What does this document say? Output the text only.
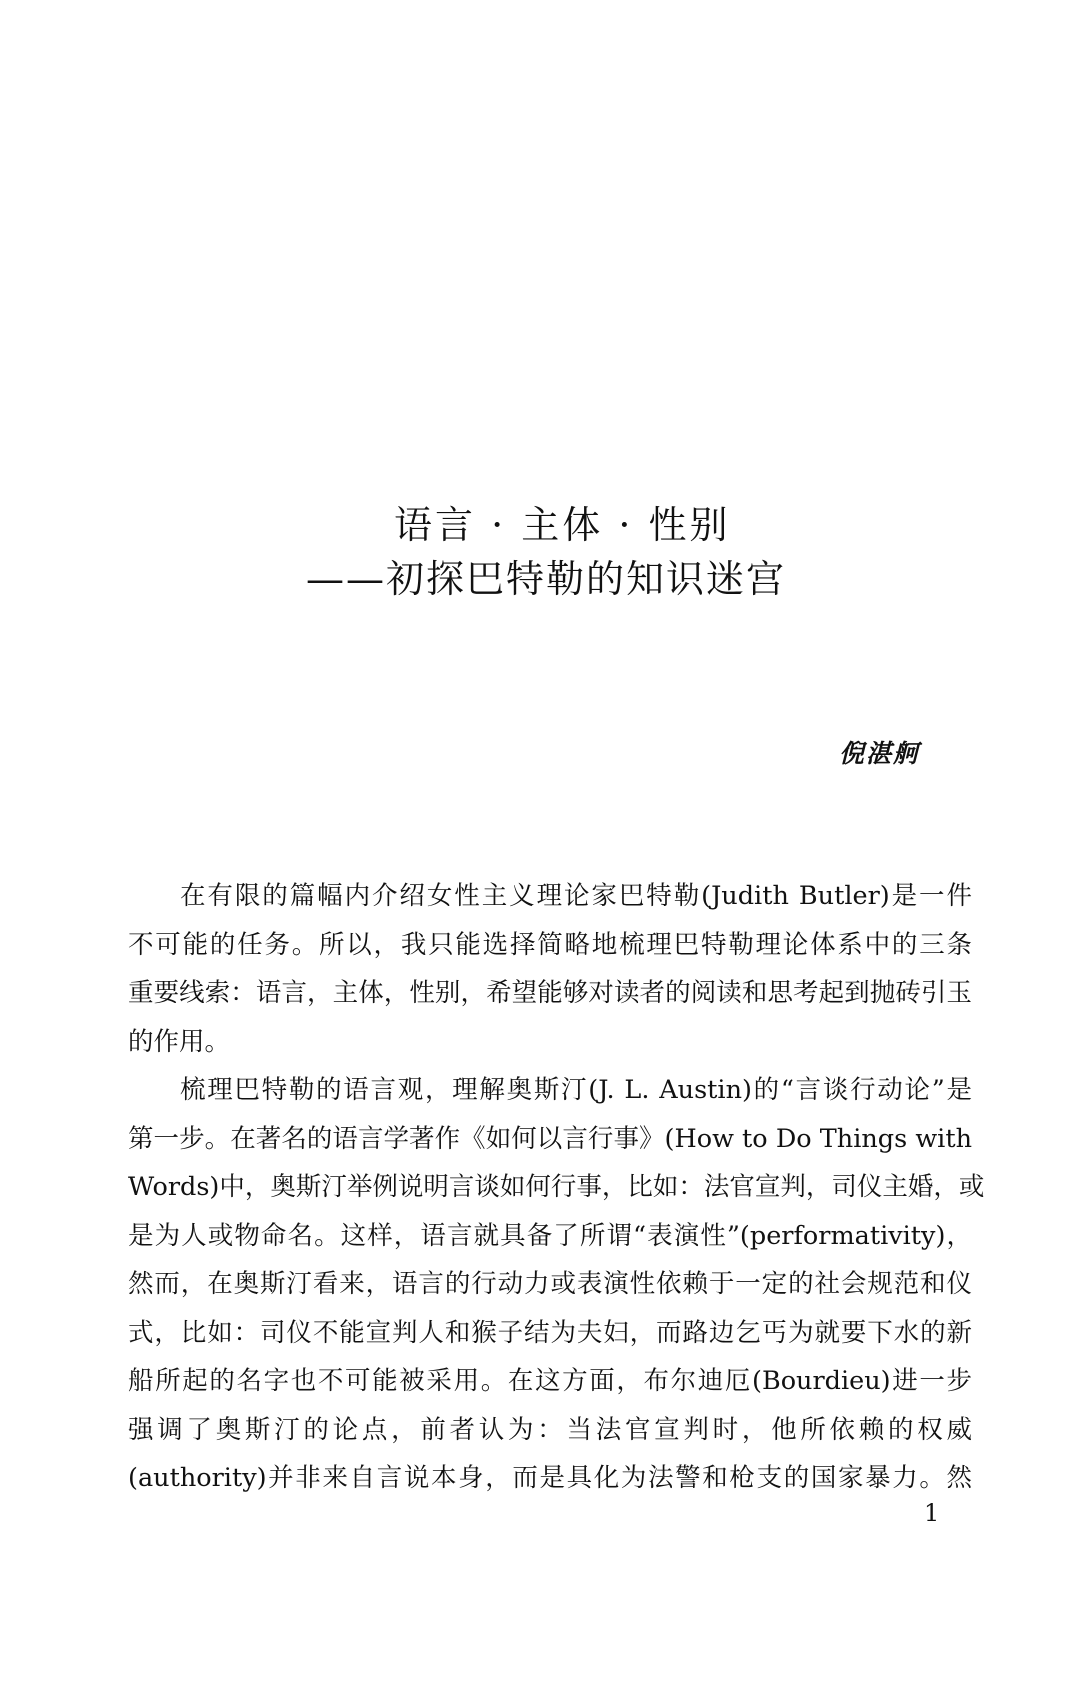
语言 · 主体 · 性别
——初探巴特勒的知识迷宫
倪湛舸
在有限的篇幅内介绍女性主义理论家巴特勒(Judith Butler)是一件
不可能的任务。所以，我只能选择简略地梳理巴特勒理论体系中的三条
重要线索：语言，主体，性别，希望能够对读者的阅读和思考起到抛砖引玉
的作用。
梳理巴特勒的语言观，理解奥斯汀(J. L. Austin)的“言谈行动论”是
第一步。在著名的语言学著作《如何以言行事》(How to Do Things with
Words)中，奥斯汀举例说明言谈如何行事，比如：法官宣判，司仪主婚，或
是为人或物命名。这样，语言就具备了所谓“表演性”(performativity)，
然而，在奥斯汀看来，语言的行动力或表演性依赖于一定的社会规范和仪
式，比如：司仪不能宣判人和猴子结为夫妇，而路边乞丐为就要下水的新
船所起的名字也不可能被采用。在这方面，布尔迪厄(Bourdieu)进一步
强调了奥斯汀的论点，前者认为：当法官宣判时，他所依赖的权威
(authority)并非来自言说本身，而是具化为法警和枪支的国家暴力。然
1
